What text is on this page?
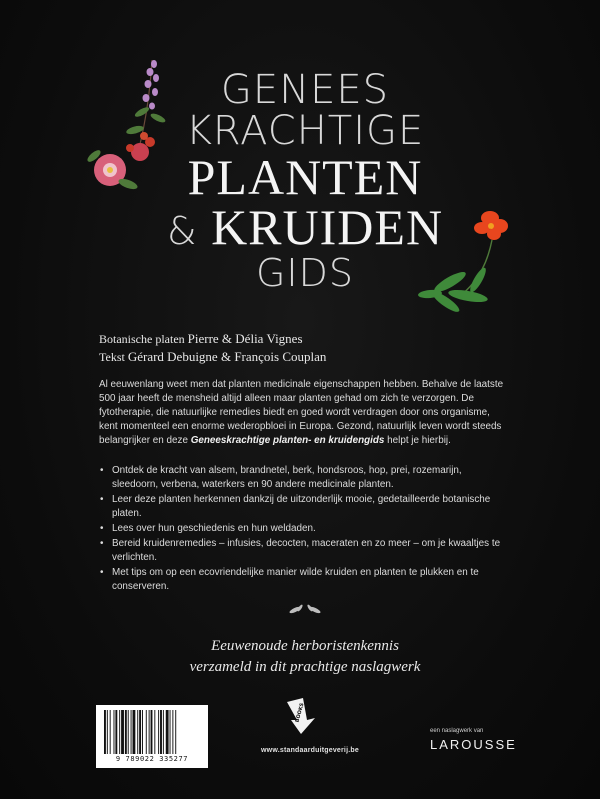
GENEES
KRACHTIGE
PLANTEN
& KRUIDEN
GIDS
Botanische platen Pierre & Délia Vignes
Tekst Gérard Debuigne & François Couplan

Al eeuwenlang weet men dat planten medicinale eigenschappen hebben. Behalve de laatste 500 jaar heeft de mensheid altijd alleen maar planten gehad om zich te verzorgen. De fytotherapie, die natuurlijke remedies biedt en goed wordt verdragen door ons organisme, kent momenteel een enorme wederopbloei in Europa. Gezond, natuurlijk leven wordt steeds belangrijker en deze Geneeskrachtige planten- en kruidengids helpt je hierbij.

• Ontdek de kracht van alsem, brandnetel, berk, hondsroos, hop, prei, rozemarijn, sleedoorn, verbena, waterkers en 90 andere medicinale planten.
• Leer deze planten herkennen dankzij de uitzonderlijk mooie, gedetailleerde botanische platen.
• Lees over hun geschiedenis en hun weldaden.
• Bereid kruidenremedies – infusies, decocten, maceraten en zo meer – om je kwaaltjes te verlichten.
• Met tips om op een ecovriendelijke manier wilde kruiden en planten te plukken en te conserveren.
Eeuwenoude herboristenkennis
verzameld in dit prachtige naslagwerk
9 789022 335277
BOOKS
www.standaarduitgeverij.be
een naslagwerk van
LAROUSSE
